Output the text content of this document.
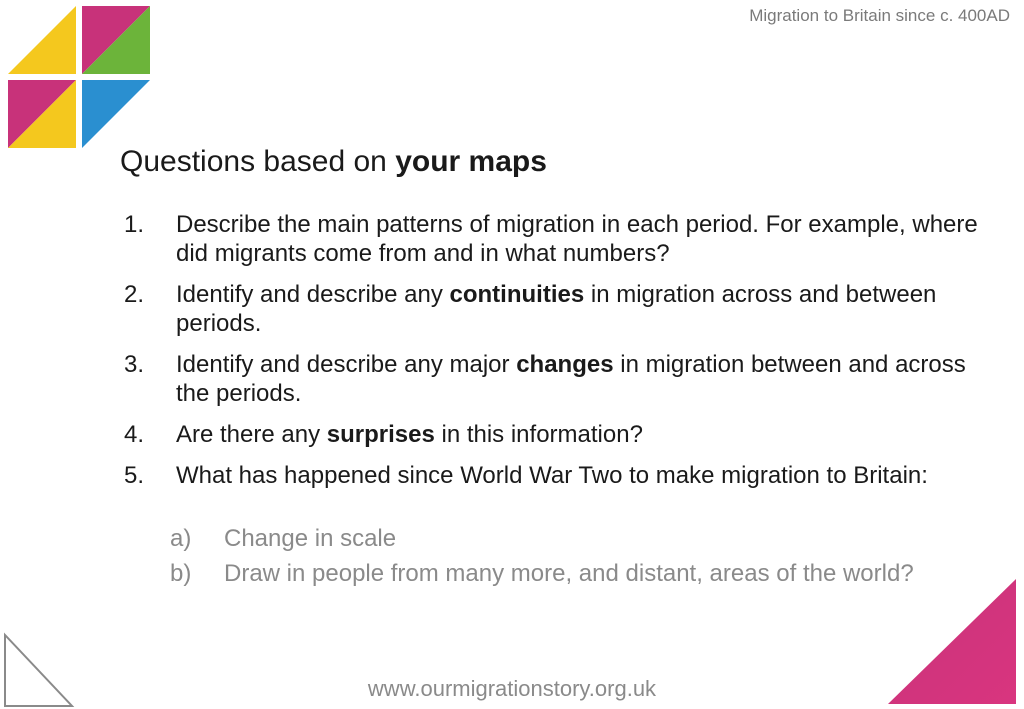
Migration to Britain since c. 400AD
Questions based on your maps
1. Describe the main patterns of migration in each period. For example, where did migrants come from and in what numbers?
2. Identify and describe any continuities in migration across and between periods.
3. Identify and describe any major changes in migration between and across the periods.
4. Are there any surprises in this information?
5. What has happened since World War Two to make migration to Britain:
a) Change in scale
b) Draw in people from many more, and distant, areas of the world?
www.ourmigrationstory.org.uk
